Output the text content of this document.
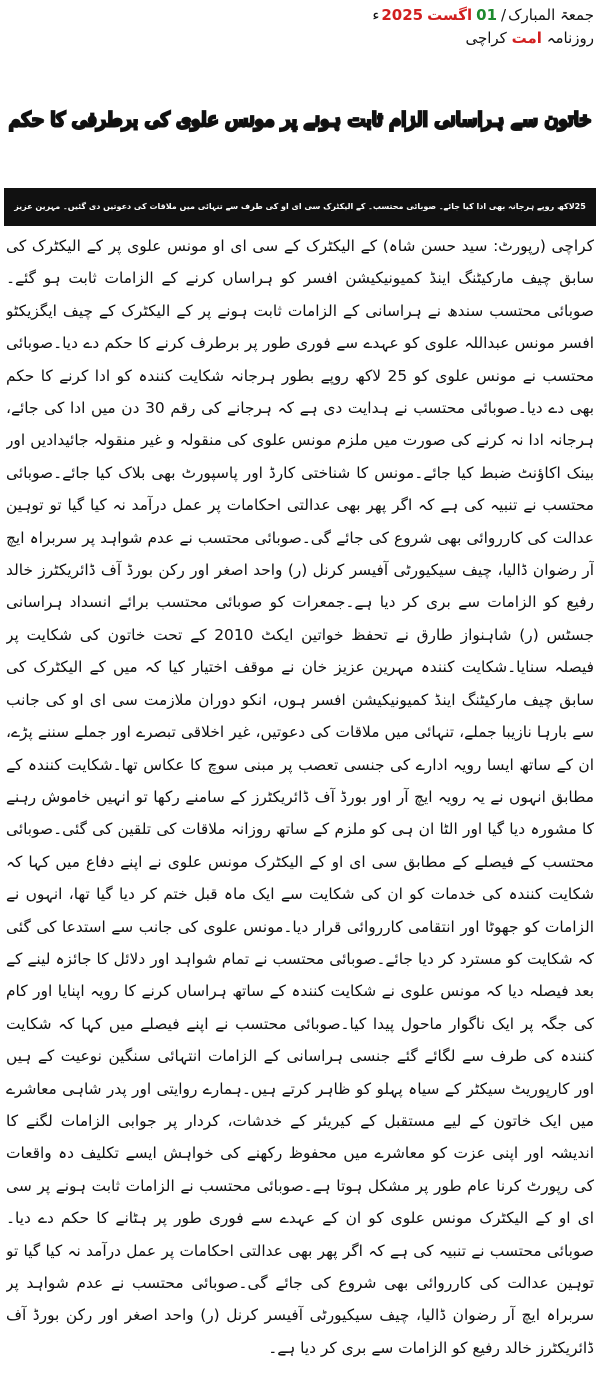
جمعۃ المبارک/01اگست2025ء
روزنامہ امت کراچی
خاتون سے ہراسانی الزام ثابت ہونے پر مونس علوی کی برطرفی کا حکم
25لاکھ روپے ہرجانہ بھی ادا کیا جائے۔ صوبائی محتسب۔ کے الیکٹرک سی ای او کی طرف سے تنہائی میں ملاقات کی دعوتیں دی گئیں۔ مہرین عزیز

کراچی (رپورٹ: سید حسن شاہ) کے الیکٹرک کے سی ای او مونس علوی پر کے الیکٹرک کی سابق چیف مارکیٹنگ اینڈ کمیونیکیشن افسر کو ہراساں کرنے کے الزامات ثابت ہو گئے۔صوبائی محتسب سندھ نے ہراسانی کے الزامات ثابت ہونے پر کے الیکٹرک کے چیف ایگزیکٹو افسر مونس عبداللہ علوی کو عہدے سے فوری طور پر برطرف کرنے کا حکم دے دیا۔صوبائی محتسب نے مونس علوی کو 25 لاکھ روپے بطور ہرجانہ شکایت کنندہ کو ادا کرنے کا حکم بھی دے دیا۔صوبائی محتسب نے ہدایت دی ہے کہ ہرجانے کی رقم 30 دن میں ادا کی جائے، ہرجانہ ادا نہ کرنے کی صورت میں ملزم مونس علوی کی منقولہ و غیر منقولہ جائیدادیں اور بینک اکاؤنٹ ضبط کیا جائے۔مونس کا شناختی کارڈ اور پاسپورٹ بھی بلاک کیا جائے۔صوبائی محتسب نے تنبیہ کی ہے کہ اگر پھر بھی عدالتی احکامات پر عمل درآمد نہ کیا گیا تو توہین عدالت کی کارروائی بھی شروع کی جائے گی۔صوبائی محتسب نے عدم شواہد پر سربراہ ایچ آر رضوان ڈالیا، چیف سیکیورٹی آفیسر کرنل (ر) واحد اصغر اور رکن بورڈ آف ڈائریکٹرز خالد رفیع کو الزامات سے بری کر دیا ہے۔جمعرات کو صوبائی محتسب برائے انسداد ہراسانی جسٹس (ر) شاہنواز طارق نے تحفظ خواتین ایکٹ 2010 کے تحت خاتون کی شکایت پر فیصلہ سنایا۔شکایت کنندہ مہرین عزیز خان نے موقف اختیار کیا کہ میں کے الیکٹرک کی سابق چیف مارکیٹنگ اینڈ کمیونیکیشن افسر ہوں، انکو دوران ملازمت سی ای او کی جانب سے بارہا نازیبا جملے، تنہائی میں ملاقات کی دعوتیں، غیر اخلاقی تبصرے اور جملے سننے پڑے، ان کے ساتھ ایسا رویہ ادارے کی جنسی تعصب پر مبنی سوچ کا عکاس تھا۔شکایت کنندہ کے مطابق انہوں نے یہ رویہ ایچ آر اور بورڈ آف ڈائریکٹرز کے سامنے رکھا تو انہیں خاموش رہنے کا مشورہ دیا گیا اور الٹا ان ہی کو ملزم کے ساتھ روزانہ ملاقات کی تلقین کی گئی۔صوبائی محتسب کے فیصلے کے مطابق سی ای او کے الیکٹرک مونس علوی نے اپنے دفاع میں کہا کہ شکایت کنندہ کی خدمات کو ان کی شکایت سے ایک ماہ قبل ختم کر دیا گیا تھا، انہوں نے الزامات کو جھوٹا اور انتقامی کارروائی قرار دیا۔مونس علوی کی جانب سے استدعا کی گئی کہ شکایت کو مسترد کر دیا جائے۔صوبائی محتسب نے تمام شواہد اور دلائل کا جائزہ لینے کے بعد فیصلہ دیا کہ مونس علوی نے شکایت کنندہ کے ساتھ ہراساں کرنے کا رویہ اپنایا اور کام کی جگہ پر ایک ناگوار ماحول پیدا کیا۔صوبائی محتسب نے اپنے فیصلے میں کہا کہ شکایت کنندہ کی طرف سے لگائے گئے جنسی ہراسانی کے الزامات انتہائی سنگین نوعیت کے ہیں اور کارپوریٹ سیکٹر کے سیاہ پہلو کو ظاہر کرتے ہیں۔ہمارے روایتی اور پدر شاہی معاشرے میں ایک خاتون کے لیے مستقبل کے کیریئر کے خدشات، کردار پر جوابی الزامات لگنے کا اندیشہ اور اپنی عزت کو معاشرے میں محفوظ رکھنے کی خواہش ایسے تکلیف دہ واقعات کی رپورٹ کرنا عام طور پر مشکل ہوتا ہے۔صوبائی محتسب نے الزامات ثابت ہونے پر سی ای او کے الیکٹرک مونس علوی کو ان کے عہدے سے فوری طور پر ہٹانے کا حکم دے دیا۔صوبائی محتسب نے تنبیہ کی ہے کہ اگر پھر بھی عدالتی احکامات پر عمل درآمد نہ کیا گیا تو توہین عدالت کی کارروائی بھی شروع کی جائے گی۔صوبائی محتسب نے عدم شواہد پر سربراہ ایچ آر رضوان ڈالیا، چیف سیکیورٹی آفیسر کرنل (ر) واحد اصغر اور رکن بورڈ آف ڈائریکٹرز خالد رفیع کو الزامات سے بری کر دیا ہے۔
